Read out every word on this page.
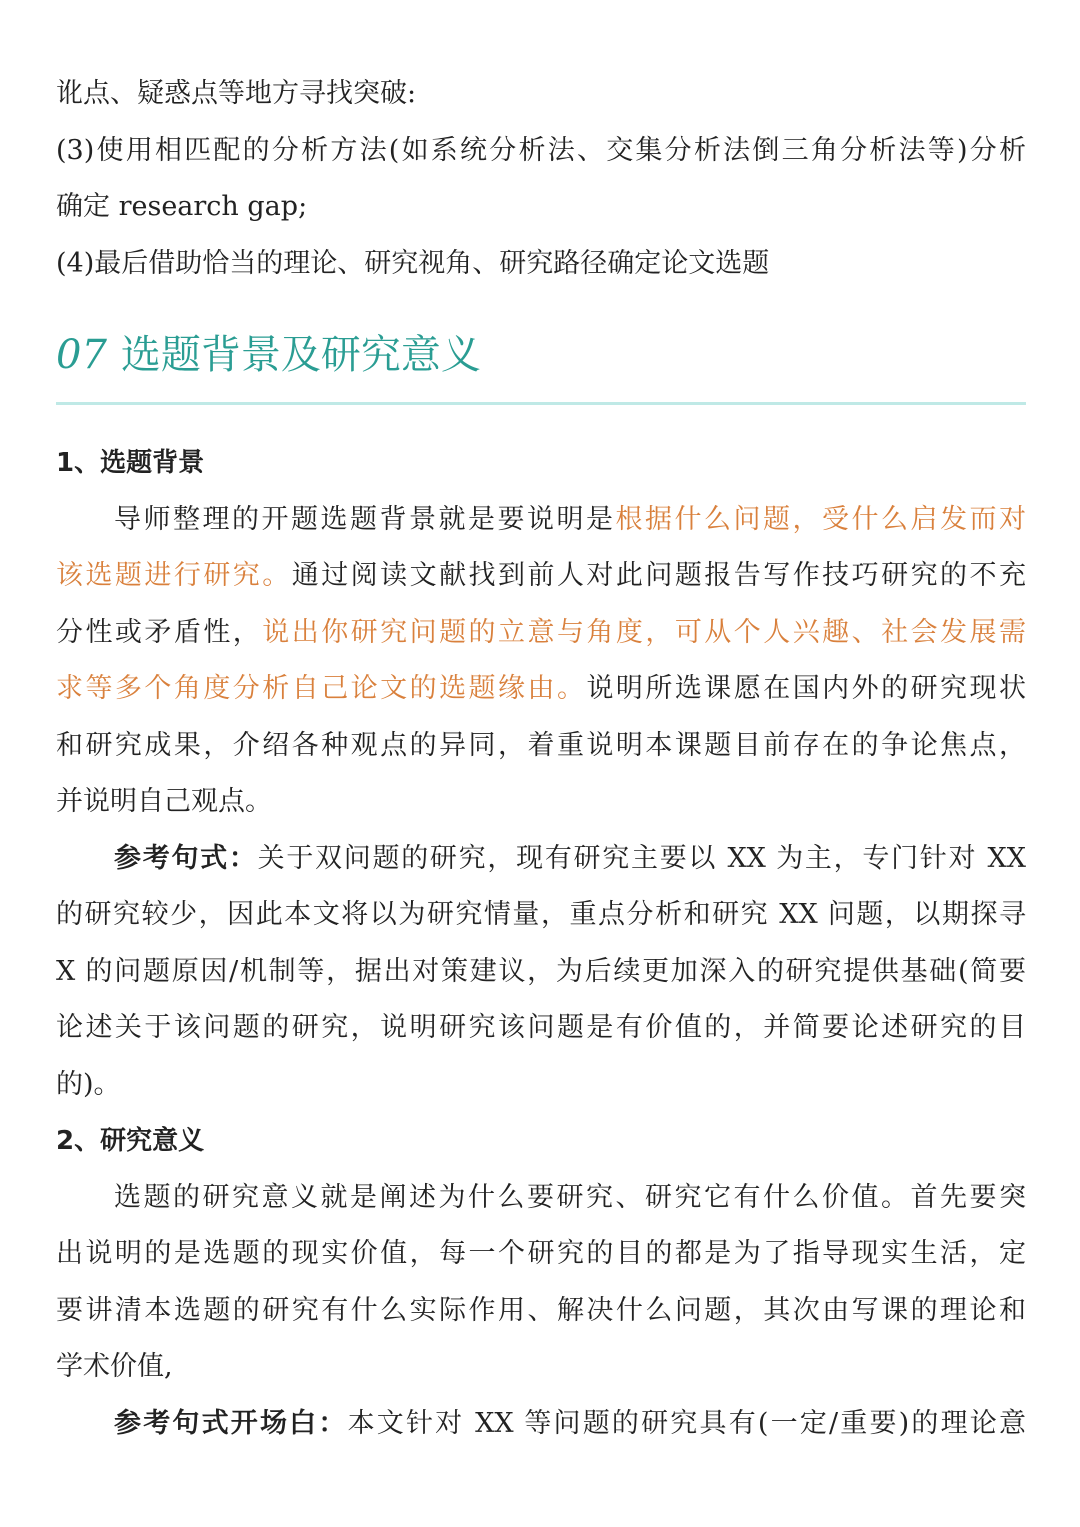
讹点、疑惑点等地方寻找突破:

(3)使用相匹配的分析方法(如系统分析法、交集分析法倒三角分析法等)分析

确定 research gap;

(4)最后借助恰当的理论、研究视角、研究路径确定论文选题

07 选题背景及研究意义

1、选题背景

导师整理的开题选题背景就是要说明是根据什么问题，受什么启发而对

该选题进行研究。通过阅读文献找到前人对此问题报告写作技巧研究的不充

分性或矛盾性，说出你研究问题的立意与角度，可从个人兴趣、社会发展需

求等多个角度分析自己论文的选题缘由。说明所选课愿在国内外的研究现状

和研究成果，介绍各种观点的异同，着重说明本课题目前存在的争论焦点，

并说明自己观点。

参考句式：关于双问题的研究，现有研究主要以 XX 为主，专门针对 XX

的研究较少，因此本文将以为研究情量，重点分析和研究 XX 问题，以期探寻

X 的问题原因/机制等，据出对策建议，为后续更加深入的研究提供基础(简要

论述关于该问题的研究，说明研究该问题是有价值的，并简要论述研究的目

的)。

2、研究意义

选题的研究意义就是阐述为什么要研究、研究它有什么价值。首先要突

出说明的是选题的现实价值，每一个研究的目的都是为了指导现实生活，定

要讲清本选题的研究有什么实际作用、解决什么问题，其次由写课的理论和

学术价值,

参考句式开场白：本文针对 XX 等问题的研究具有(一定/重要)的理论意
